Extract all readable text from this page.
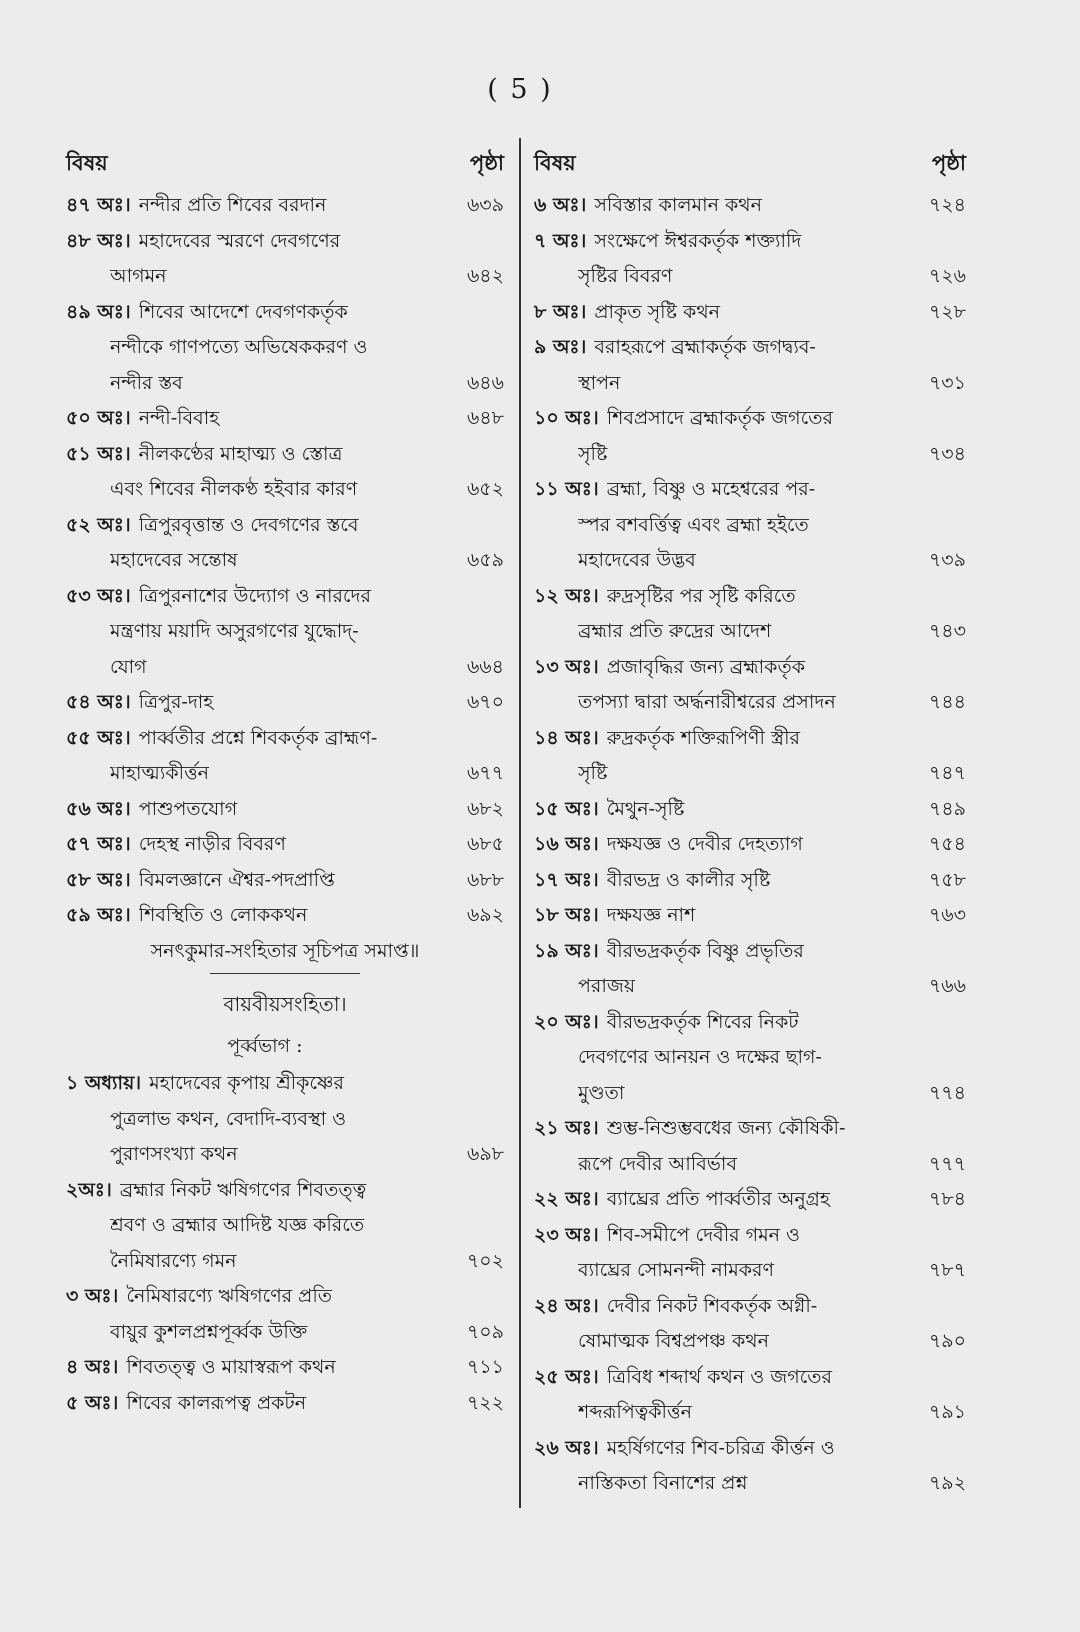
( 5 )
বিষয়	পৃষ্ঠা
৪৭ অঃ। নন্দীর প্রতি শিবের বরদান	৬৩৯
৪৮ অঃ। মহাদেবের স্মরণে দেবগণের
আগমন	৬৪২
৪৯ অঃ। শিবের আদেশে দেবগণকর্তৃক
নন্দীকে গাণপত্যে অভিষেককরণ ও
নন্দীর স্তব	৬৪৬
৫০ অঃ। নন্দী-বিবাহ	৬৪৮
৫১ অঃ। নীলকণ্ঠের মাহাত্ম্য ও স্তোত্র
এবং শিবের নীলকণ্ঠ হইবার কারণ	৬৫২
৫২ অঃ। ত্রিপুরবৃত্তান্ত ও দেবগণের স্তবে
মহাদেবের সন্তোষ	৬৫৯
৫৩ অঃ। ত্রিপুরনাশের উদ্যোগ ও নারদের
মন্ত্রণায় ময়াদি অসুরগণের যুদ্ধোদ্-
যোগ	৬৬৪
৫৪ অঃ। ত্রিপুর-দাহ	৬৭০
৫৫ অঃ। পার্ব্বতীর প্রশ্নে শিবকর্তৃক ব্রাহ্মণ-
মাহাত্ম্যকীর্ত্তন	৬৭৭
৫৬ অঃ। পাশুপতযোগ	৬৮২
৫৭ অঃ। দেহস্থ নাড়ীর বিবরণ	৬৮৫
৫৮ অঃ। বিমলজ্ঞানে ঐশ্বর-পদপ্রাপ্তি	৬৮৮
৫৯ অঃ। শিবস্থিতি ও লোককথন	৬৯২
সনৎকুমার-সংহিতার সূচিপত্র সমাপ্ত॥
বায়বীয়সংহিতা।
পূর্ব্বভাগ :
১ অধ্যায়। মহাদেবের কৃপায় শ্রীকৃষ্ণের
পুত্রলাভ কথন, বেদাদি-ব্যবস্থা ও
পুরাণসংখ্যা কথন	৬৯৮
২অঃ। ব্রহ্মার নিকট ঋষিগণের শিবতত্ত্ব
শ্রবণ ও ব্রহ্মার আদিষ্ট যজ্ঞ করিতে
নৈমিষারণ্যে গমন	৭০২
৩ অঃ। নৈমিষারণ্যে ঋষিগণের প্রতি
বায়ুর কুশলপ্রশ্নপূর্ব্বক উক্তি	৭০৯
৪ অঃ। শিবতত্ত্ব ও মায়াস্বরূপ কথন	৭১১
৫ অঃ। শিবের কালরূপত্ব প্রকটন	৭২২
বিষয়	পৃষ্ঠা
৬ অঃ। সবিস্তার কালমান কথন	৭২৪
৭ অঃ। সংক্ষেপে ঈশ্বরকর্তৃক শক্ত্যাদি
সৃষ্টির বিবরণ	৭২৬
৮ অঃ। প্রাকৃত সৃষ্টি কথন	৭২৮
৯ অঃ। বরাহরূপে ব্রহ্মাকর্তৃক জগদ্ব্যব-
স্থাপন	৭৩১
১০ অঃ। শিবপ্রসাদে ব্রহ্মাকর্তৃক জগতের
সৃষ্টি	৭৩৪
১১ অঃ। ব্রহ্মা, বিষ্ণু ও মহেশ্বরের পর-
স্পর বশবর্ত্তিত্ব এবং ব্রহ্মা হইতে
মহাদেবের উদ্ভব	৭৩৯
১২ অঃ। রুদ্রসৃষ্টির পর সৃষ্টি করিতে
ব্রহ্মার প্রতি রুদ্রের আদেশ	৭৪৩
১৩ অঃ। প্রজাবৃদ্ধির জন্য ব্রহ্মাকর্তৃক
তপস্যা দ্বারা অর্দ্ধনারীশ্বরের প্রসাদন	৭৪৪
১৪ অঃ। রুদ্রকর্তৃক শক্তিরূপিণী স্ত্রীর
সৃষ্টি	৭৪৭
১৫ অঃ। মৈথুন-সৃষ্টি	৭৪৯
১৬ অঃ। দক্ষযজ্ঞ ও দেবীর দেহত্যাগ	৭৫৪
১৭ অঃ। বীরভদ্র ও কালীর সৃষ্টি	৭৫৮
১৮ অঃ। দক্ষযজ্ঞ নাশ	৭৬৩
১৯ অঃ। বীরভদ্রকর্তৃক বিষ্ণু প্রভৃতির
পরাজয়	৭৬৬
২০ অঃ। বীরভদ্রকর্তৃক শিবের নিকট
দেবগণের আনয়ন ও দক্ষের ছাগ-
মুণ্ডতা	৭৭৪
২১ অঃ। শুম্ভ-নিশুম্ভবধের জন্য কৌষিকী-
রূপে দেবীর আবির্ভাব	৭৭৭
২২ অঃ। ব্যাঘ্রের প্রতি পার্ব্বতীর অনুগ্রহ	৭৮৪
২৩ অঃ। শিব-সমীপে দেবীর গমন ও
ব্যাঘ্রের সোমনন্দী নামকরণ	৭৮৭
২৪ অঃ। দেবীর নিকট শিবকর্তৃক অগ্নী-
ষোমাত্মক বিশ্বপ্রপঞ্চ কথন	৭৯০
২৫ অঃ। ত্রিবিধ শব্দার্থ কথন ও জগতের
শব্দরূপিত্বকীর্ত্তন	৭৯১
২৬ অঃ। মহর্ষিগণের শিব-চরিত্র কীর্ত্তন ও
নাস্তিকতা বিনাশের প্রশ্ন	৭৯২
